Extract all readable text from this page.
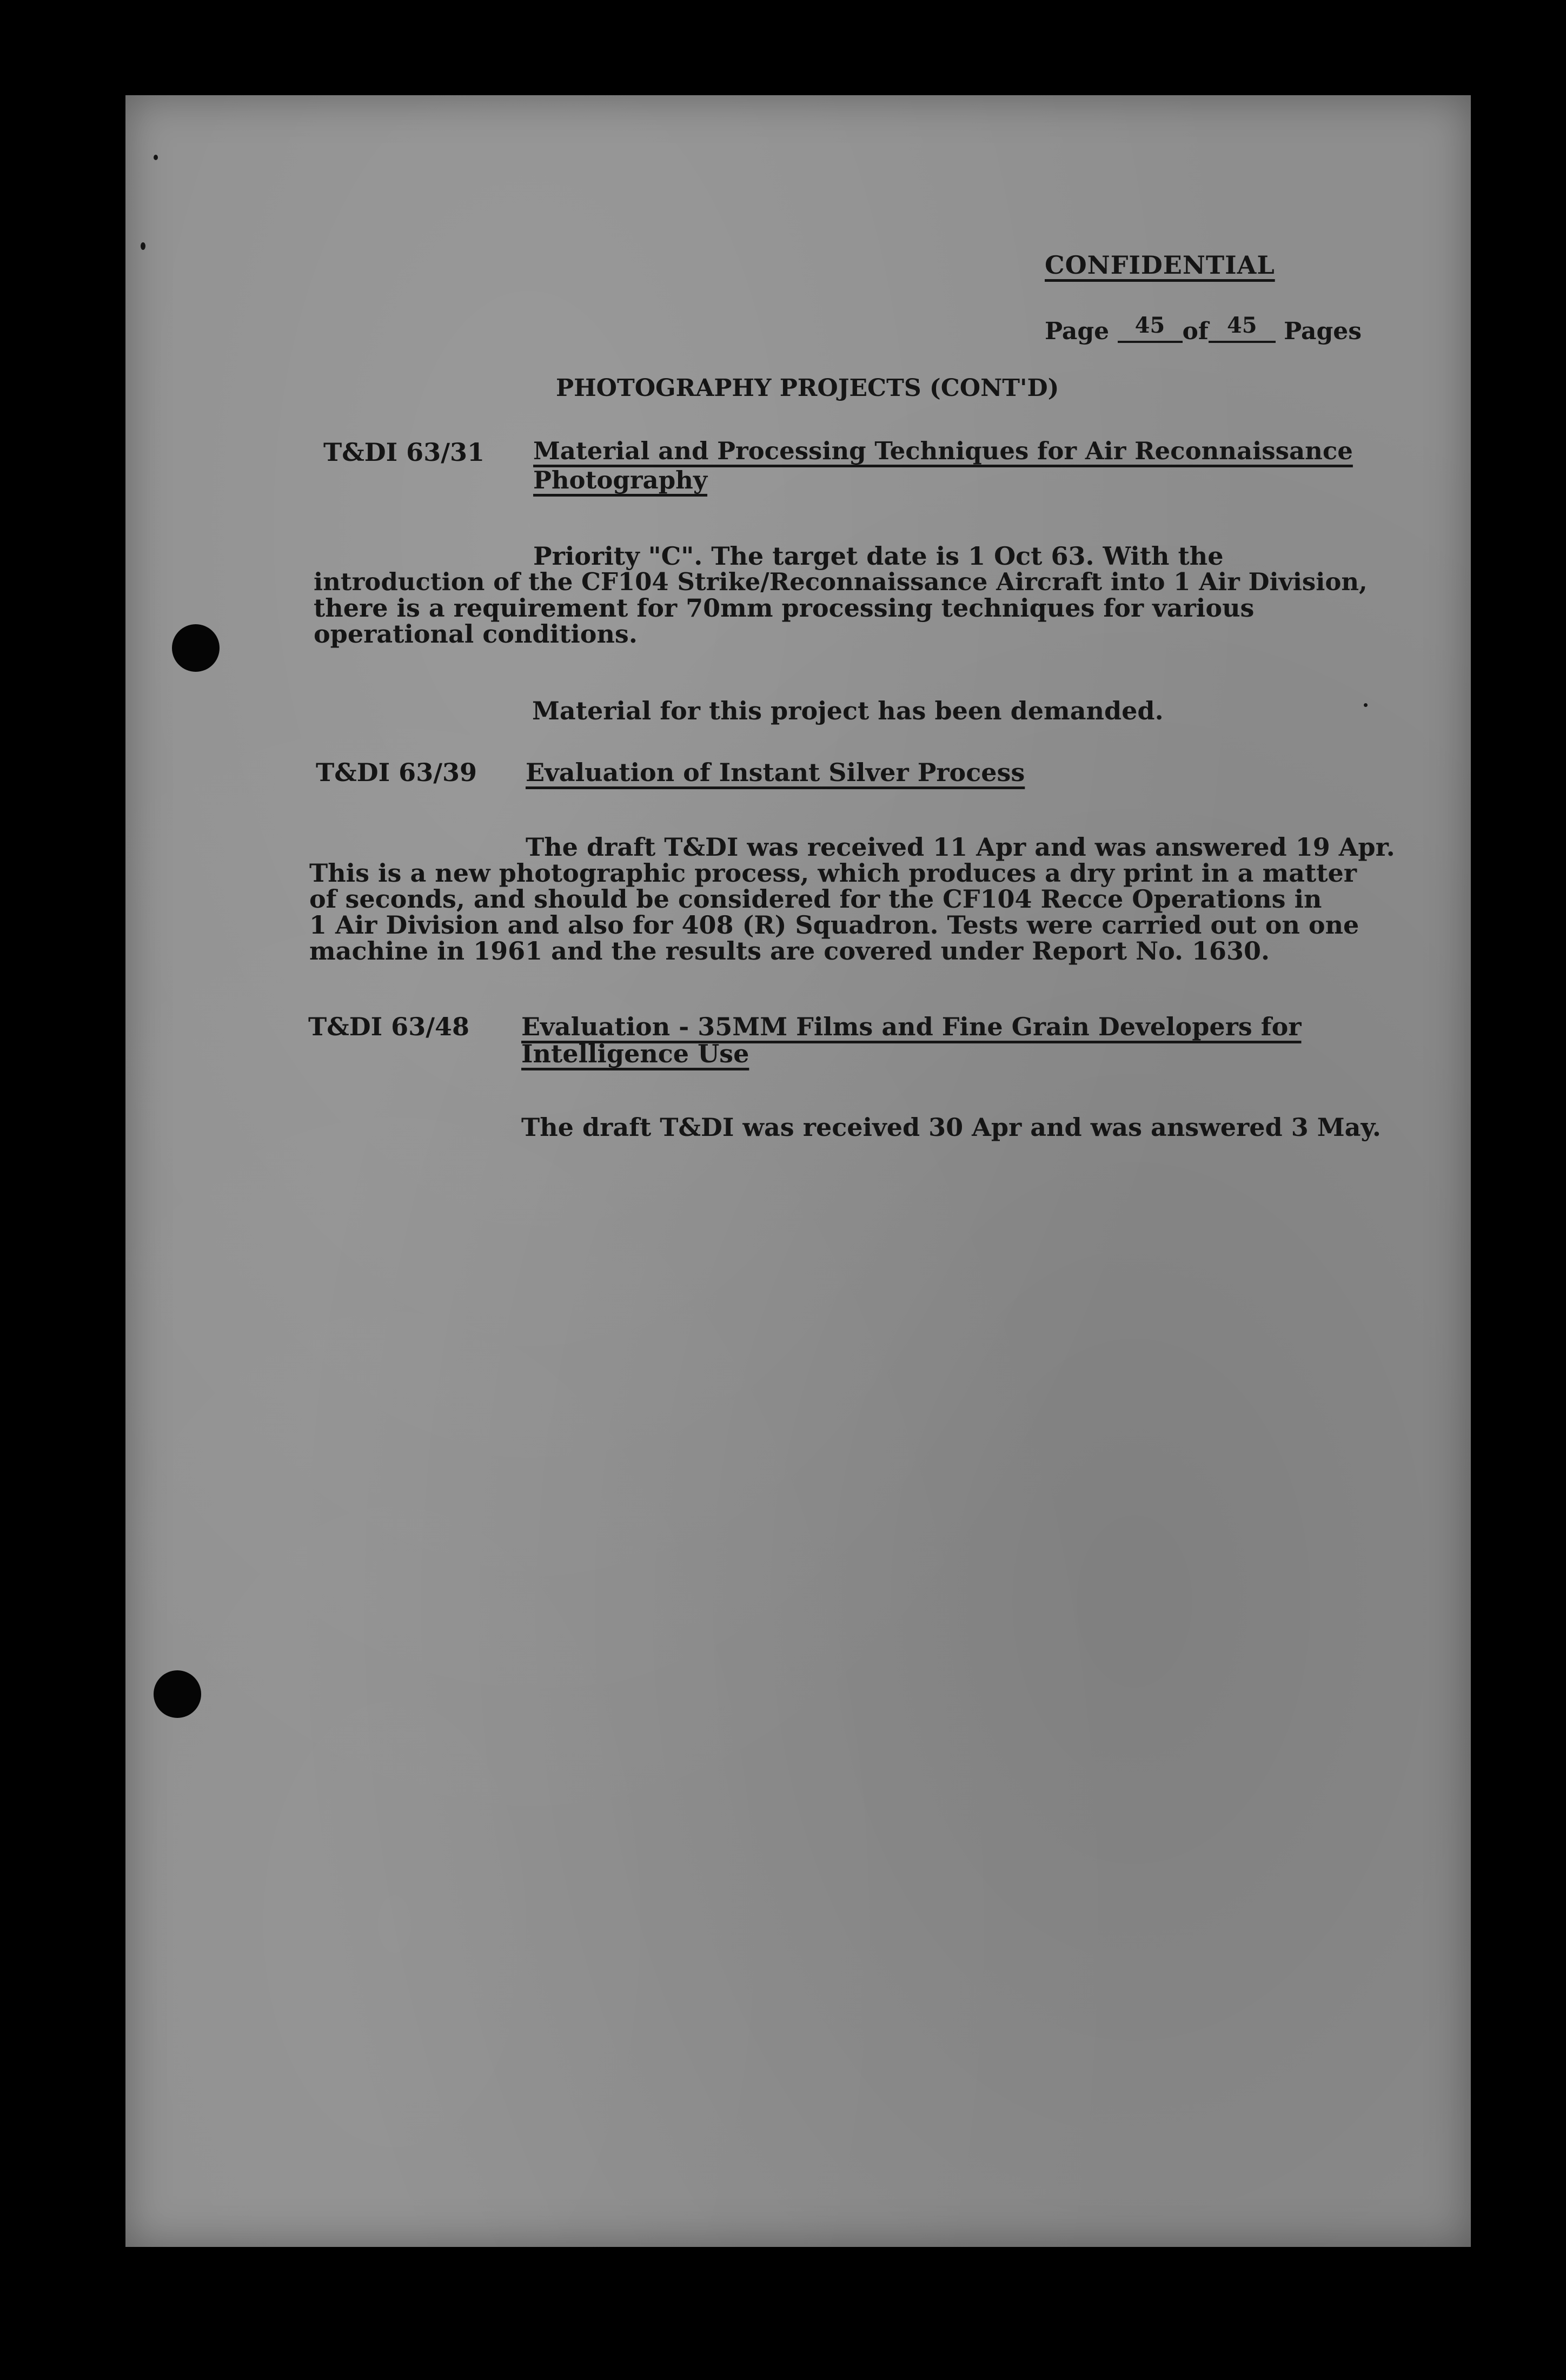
CONFIDENTIAL
Page 45 of 45 Pages
PHOTOGRAPHY PROJECTS (CONT'D)
T&DI 63/31 Material and Processing Techniques for Air Reconnaissance
Photography
Priority "C". The target date is 1 Oct 63. With the
introduction of the CF104 Strike/Reconnaissance Aircraft into 1 Air Division,
there is a requirement for 70mm processing techniques for various
operational conditions.
Material for this project has been demanded.
T&DI 63/39 Evaluation of Instant Silver Process
The draft T&DI was received 11 Apr and was answered 19 Apr.
This is a new photographic process, which produces a dry print in a matter
of seconds, and should be considered for the CF104 Recce Operations in
1 Air Division and also for 408 (R) Squadron. Tests were carried out on one
machine in 1961 and the results are covered under Report No. 1630.
T&DI 63/48 Evaluation - 35MM Films and Fine Grain Developers for
Intelligence Use
The draft T&DI was received 30 Apr and was answered 3 May.
